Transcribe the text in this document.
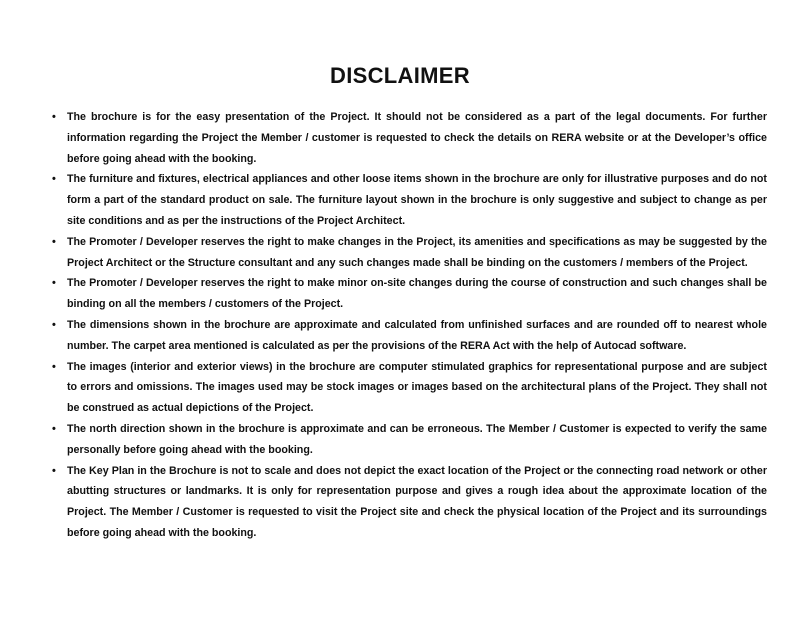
DISCLAIMER
• The brochure is for the easy presentation of the Project. It should not be considered as a part of the legal documents. For further information regarding the Project the Member / customer is requested to check the details on RERA website or at the Developer’s office before going ahead with the booking.
• The furniture and fixtures, electrical appliances and other loose items shown in the brochure are only for illustrative purposes and do not form a part of the standard product on sale. The furniture layout shown in the brochure is only suggestive and subject to change as per site conditions and as per the instructions of the Project Architect.
• The Promoter / Developer reserves the right to make changes in the Project, its amenities and specifications as may be suggested by the Project Architect or the Structure consultant and any such changes made shall be binding on the customers / members of the Project.
• The Promoter / Developer reserves the right to make minor on-site changes during the course of construction and such changes shall be binding on all the members / customers of the Project.
• The dimensions shown in the brochure are approximate and calculated from unfinished surfaces and are rounded off to nearest whole number. The carpet area mentioned is calculated as per the provisions of the RERA Act with the help of Autocad software.
• The images (interior and exterior views) in the brochure are computer stimulated graphics for representational purpose and are subject to errors and omissions. The images used may be stock images or images based on the architectural plans of the Project. They shall not be construed as actual depictions of the Project.
• The north direction shown in the brochure is approximate and can be erroneous. The Member / Customer is expected to verify the same personally before going ahead with the booking.
• The Key Plan in the Brochure is not to scale and does not depict the exact location of the Project or the connecting road network or other abutting structures or landmarks. It is only for representation purpose and gives a rough idea about the approximate location of the Project. The Member / Customer is requested to visit the Project site and check the physical location of the Project and its surroundings before going ahead with the booking.
